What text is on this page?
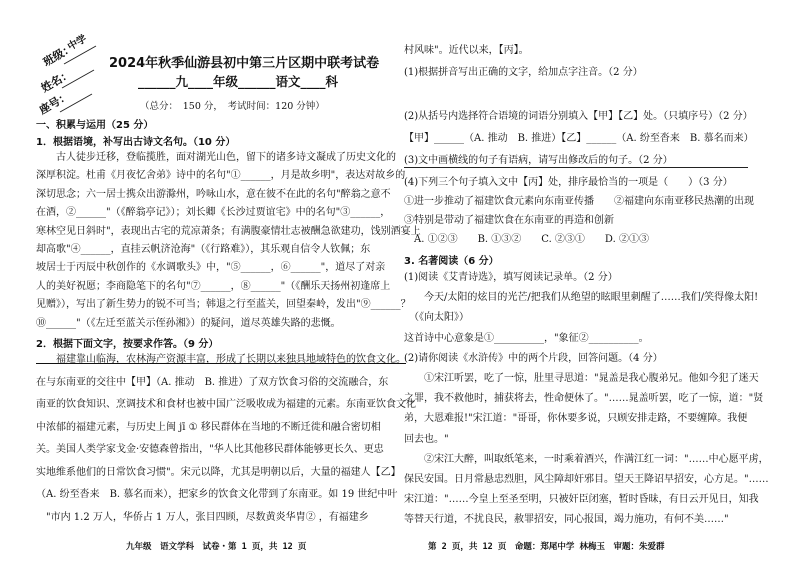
班级：
姓名：
座号：
中学
2024年秋季仙游县初中第三片区期中联考试卷
______九____年级______语文____科
（总分：　150 分，　考试时间：120 分钟）
一、积累与运用（25 分）
1．根据语境，补写出古诗文名句。（10 分）
　　古人徒步迁移，登临揽胜，面对湖光山色，留下的诸多诗文凝成了历史文化的
深厚积淀。杜甫《月夜忆舍弟》诗中的名句"①______，月是故乡明"，表达对故乡的
深切思念；六一居士携众出游滁州，吟咏山水，意在彼不在此的名句"醉翁之意不
在酒，②______"（《醉翁亭记》）；刘长卿《长沙过贾谊宅》中的名句"③______，
寒林空见日斜时"，表现出古宅的荒凉萧条；有满腹豪情壮志被酬急欲建功，饯别酒宴上
却高歌"④______，直挂云帆济沧海"（《行路难》），其乐观自信令人钦佩；东
坡居士于丙辰中秋创作的《水调歌头》中，"⑤______，⑥______"，道尽了对亲
人的美好祝愿；李商隐笔下的名句"⑦______，⑧______"（《酬乐天扬州初逢席上
见赠》），写出了新生势力的锐不可当；韩退之行至蓝关，回望秦岭，发出"⑨______？
⑩______"（《左迁至蓝关示侄孙湘》）的疑问，道尽英雄失路的悲慨。
2．根据下面文字，按要求作答。（9 分）
　　福建靠山临海，农林海产资源丰富，形成了长期以来独具地域特色的饮食文化。
在与东南亚的交往中【甲】（A. 推动　B. 推进）了双方饮食习俗的交流融合，东
南亚的饮食知识、烹调技术和食材也被中国广泛吸收成为福建的元素。东南亚饮食文化
中浓郁的福建元素，与历史上闽 jī ① 移民群体在当地的不断迁徙和融合密切相
关。美国人类学家戈金·安德森曾指出，"华人比其他移民群体能够更长久、更忠
实地维系他们的日常饮食习惯"。宋元以降，尤其是明朝以后，大量的福建人【乙】
（A. 纷至沓来　B. 慕名而来），把家乡的饮食文化带到了东南亚。如 19 世纪中叶
　"市内 1.2 万人，华侨占 1 万人，张目四顾，尽数黄炎华胄② ，有福建乡
九年级　语文学科　试卷・第 1 页，共 12 页
村风味"。近代以来，【丙】。
(1)根据拼音写出正确的文字，给加点字注音。（2 分）
(2)从括号内选择符合语境的词语分别填入【甲】【乙】处。（只填序号）（2 分）
【甲】______（A. 推动　B. 推进）【乙】______（A. 纷至沓来　B. 慕名而来）
(3)文中画横线的句子有语病，请写出修改后的句子。（2 分）
(4)下列三个句子填入文中【丙】处，排序最恰当的一项是（　　）（3 分）
①进一步推动了福建饮食元素向东南亚传播　　②福建向东南亚移民热潮的出现
③特别是带动了福建饮食在东南亚的再造和创新
　A. ①②③　　B. ①③②　　C. ②③①　　D. ②①③
3. 名著阅读（6 分）
(1)阅读《艾青诗选》，填写阅读记录单。（2 分）
　　今天/太阳的炫目的光芒/把我们从绝望的眩眼里刺醒了……我们/笑得像太阳!
　（《向太阳》）
这首诗中心意象是①__________，"象征②__________。
(2)请你阅读《水浒传》中的两个片段，回答问题。（4 分）
　　①宋江听罢，吃了一惊，肚里寻思道："晁盖是我心腹弟兄。他如今犯了迷天
之罪，我不救他时，捕获将去，性命便休了。"……晁盖听罢，吃了一惊，道："贤
弟，大恩难报!"宋江道："哥哥，你休要多说，只顾安排走路，不要缠障。我便
回去也。"
　　②宋江大醉，叫取纸笔来，一时乘着酒兴，作满江红一词："……中心愿平虏，
保民安国。日月常悬忠烈胆，风尘障却奸邪目。望天王降诏早招安，心方足。"……
宋江道："……今皇上至圣至明，只被奸臣闭塞，暂时昏昧，有日云开见日，知我
等替天行道，不扰良民，赦罪招安，同心报国，竭力施功，有何不美……"
第 2 页，共 12 页　命题：郑尾中学 林梅玉　审题：朱爱群
